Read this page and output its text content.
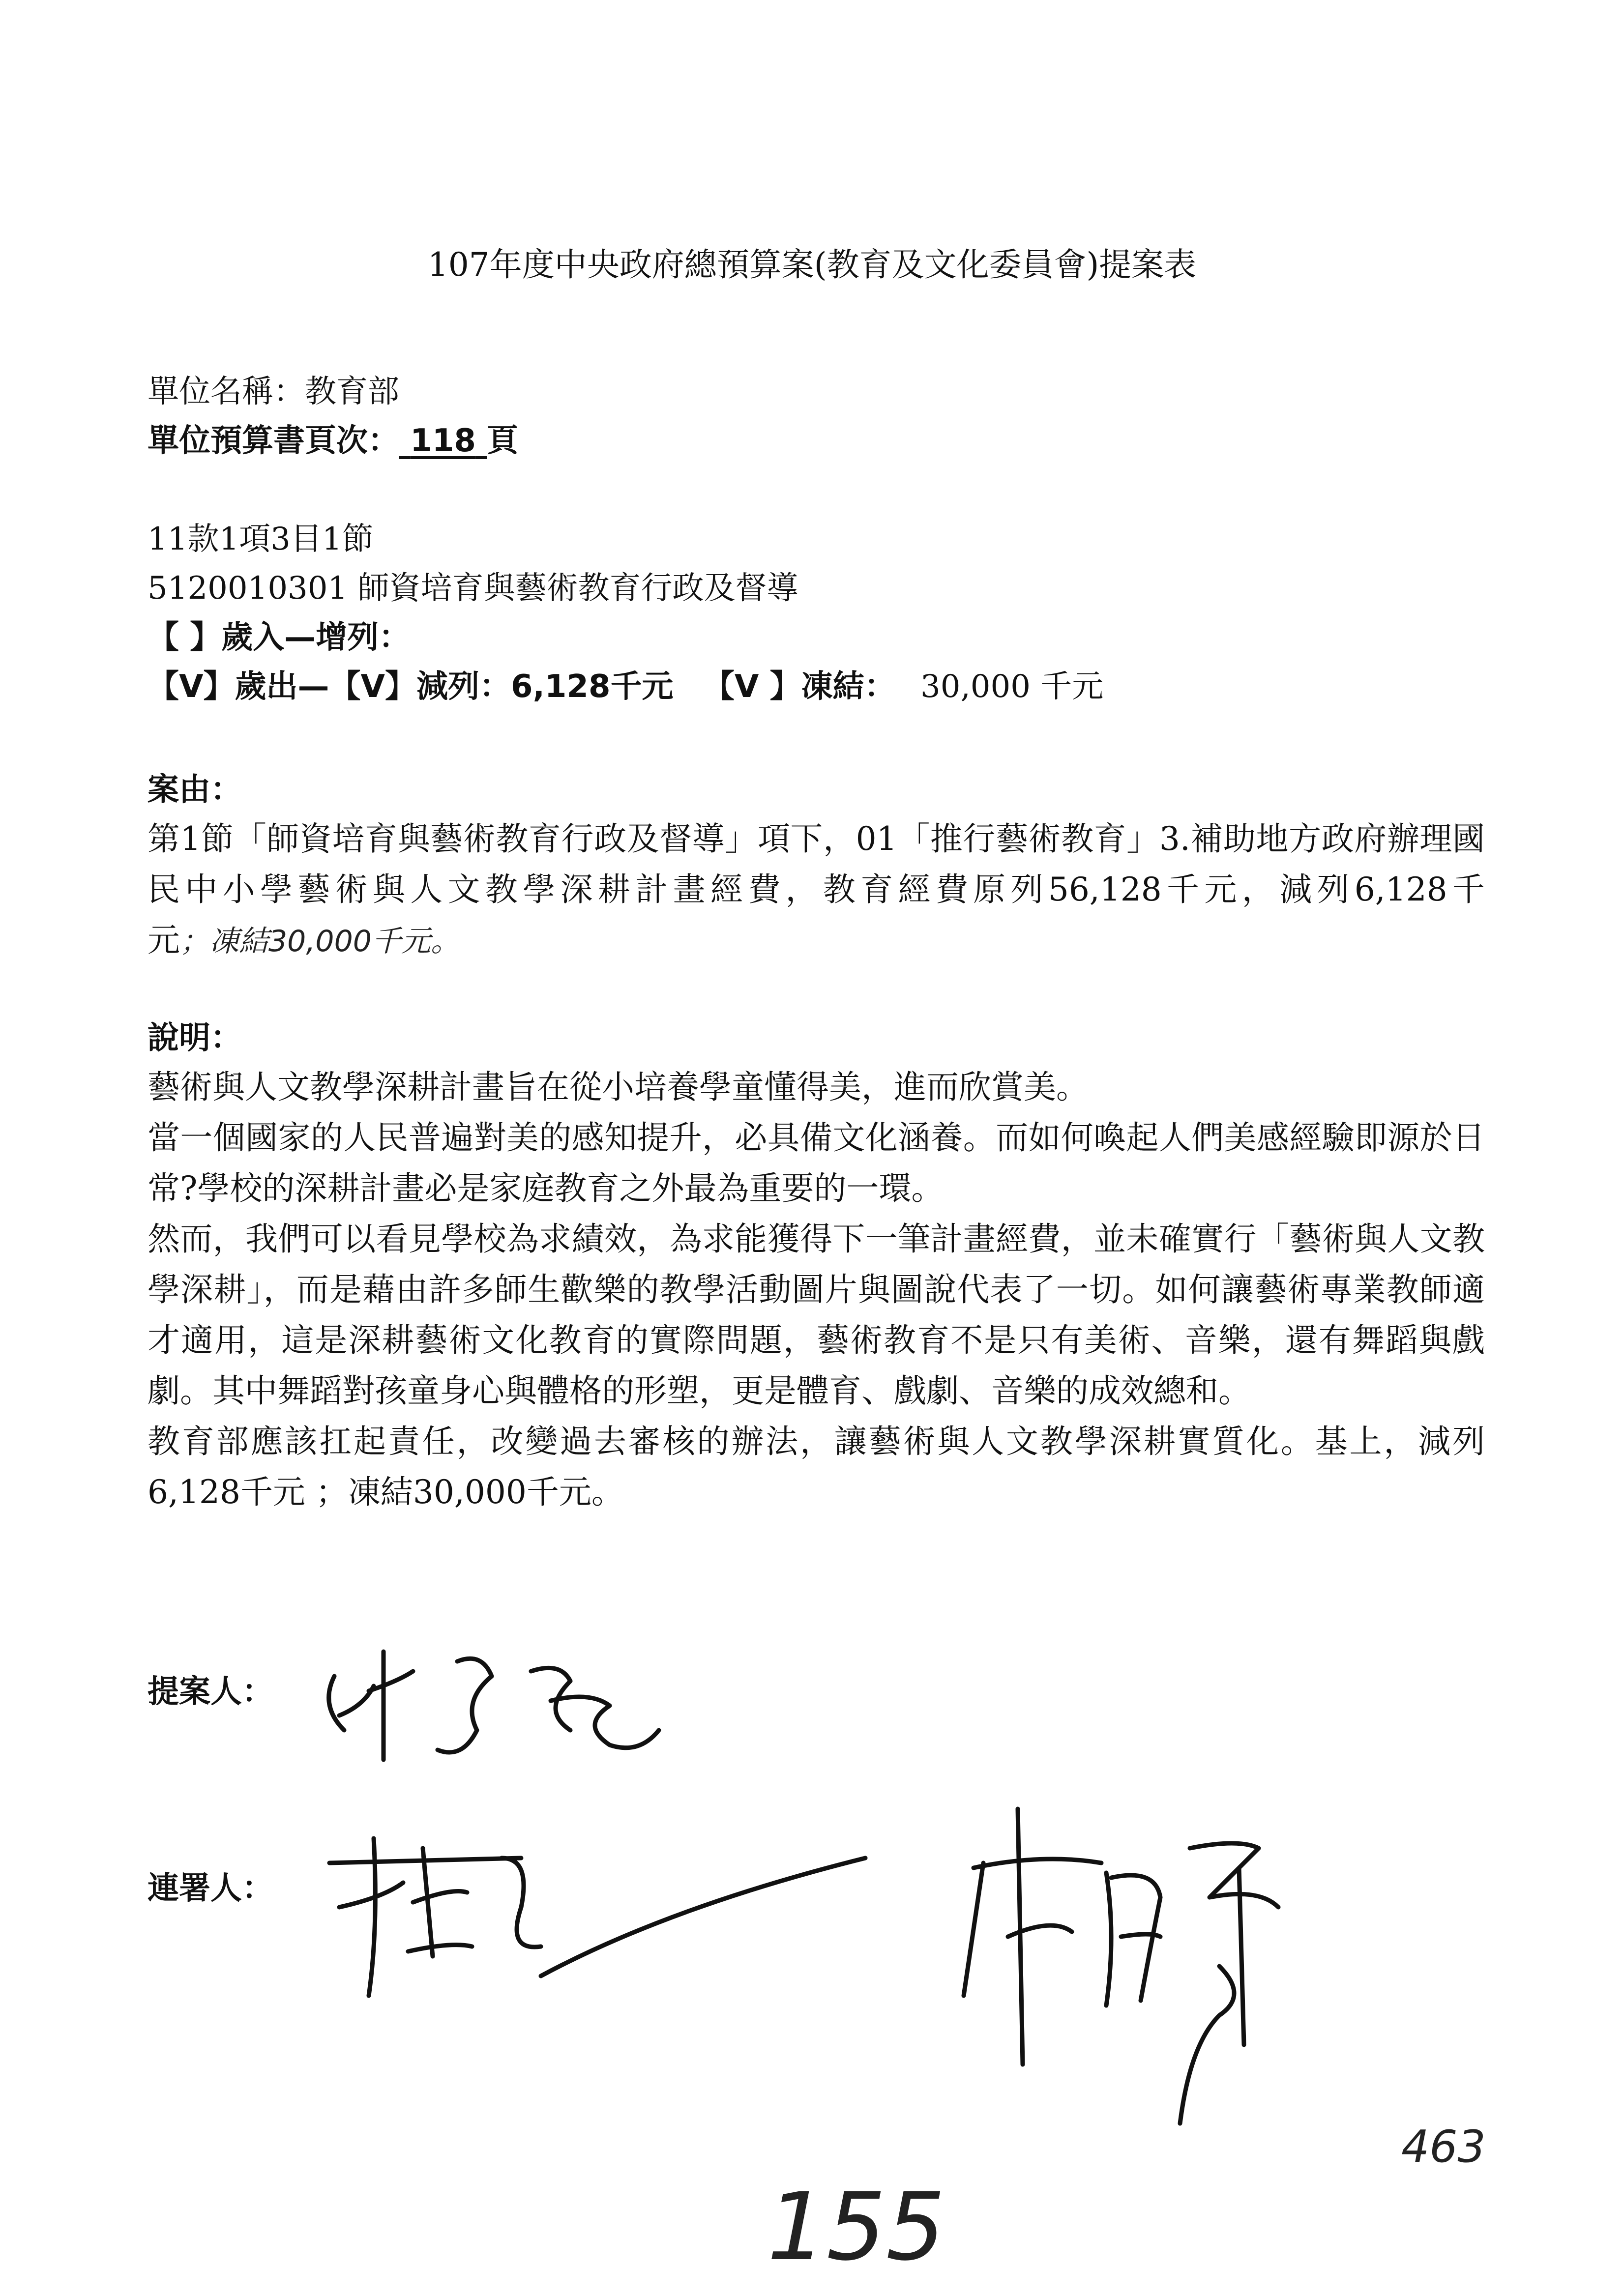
107年度中央政府總預算案(教育及文化委員會)提案表
單位名稱：教育部
單位預算書頁次： 118 頁
11款1項3目1節
5120010301 師資培育與藝術教育行政及督導
【 】歲入—增列：
【V】歲出—【V】減列：6,128千元 【V 】凍結： 30,000 千元
案由：
第1節「師資培育與藝術教育行政及督導」項下，01「推行藝術教育」3.補助地方政府辦理國民中小學藝術與人文教學深耕計畫經費，教育經費原列56,128千元，減列6,128千元；凍結30,000千元。
說明：
藝術與人文教學深耕計畫旨在從小培養學童懂得美，進而欣賞美。
當一個國家的人民普遍對美的感知提升，必具備文化涵養。而如何喚起人們美感經驗即源於日常?學校的深耕計畫必是家庭教育之外最為重要的一環。
然而，我們可以看見學校為求績效，為求能獲得下一筆計畫經費，並未確實行「藝術與人文教學深耕」，而是藉由許多師生歡樂的教學活動圖片與圖說代表了一切。如何讓藝術專業教師適才適用，這是深耕藝術文化教育的實際問題，藝術教育不是只有美術、音樂，還有舞蹈與戲劇。其中舞蹈對孩童身心與體格的形塑，更是體育、戲劇、音樂的成效總和。
教育部應該扛起責任，改變過去審核的辦法，讓藝術與人文教學深耕實質化。基上，減列6,128千元 ；凍結30,000千元。
提案人：
連署人：
463
155
